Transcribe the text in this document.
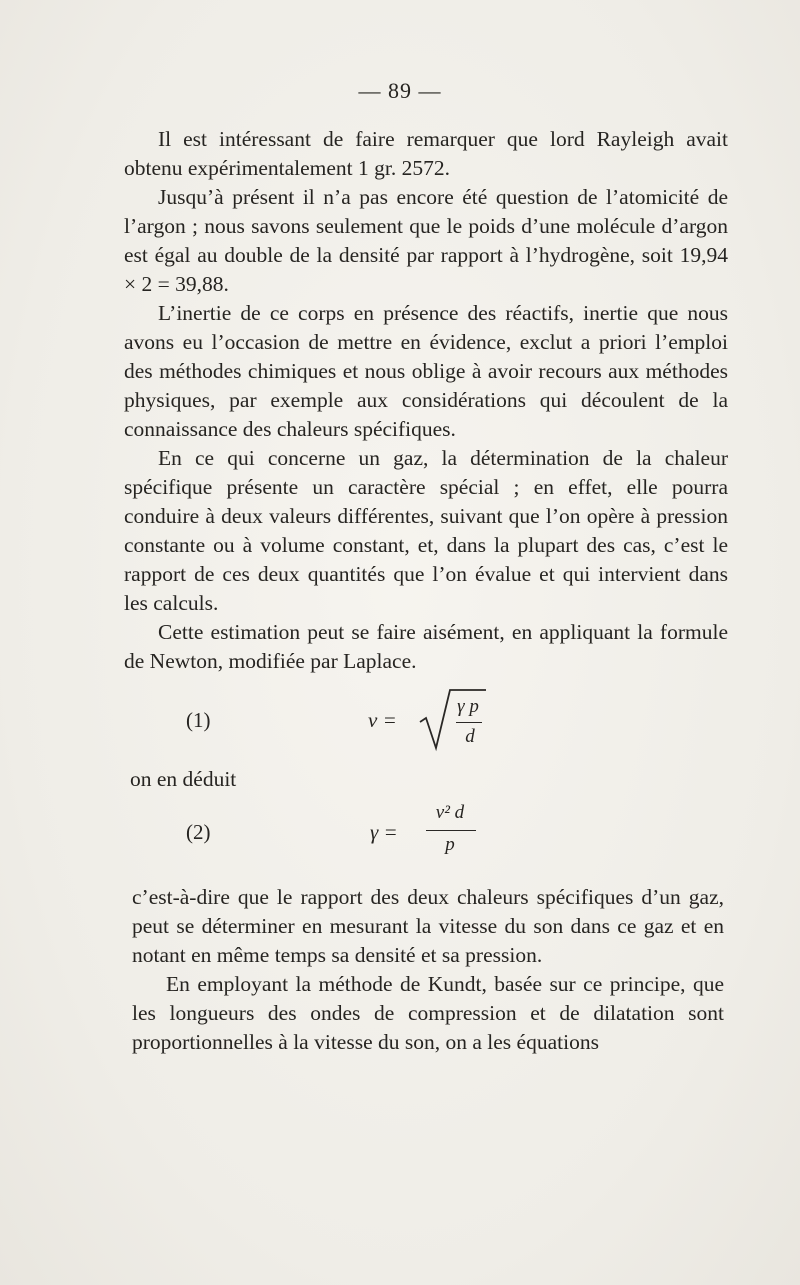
— 89 —

Il est intéressant de faire remarquer que lord Rayleigh avait obtenu expérimentalement 1 gr. 2572.

Jusqu’à présent il n’a pas encore été question de l’atomicité de l’argon ; nous savons seulement que le poids d’une molécule d’argon est égal au double de la densité par rapport à l’hydrogène, soit 19,94 × 2 = 39,88.

L’inertie de ce corps en présence des réactifs, inertie que nous avons eu l’occasion de mettre en évidence, exclut a priori l’emploi des méthodes chimiques et nous oblige à avoir recours aux méthodes physiques, par exemple aux considérations qui découlent de la connaissance des chaleurs spécifiques.

En ce qui concerne un gaz, la détermination de la chaleur spécifique présente un caractère spécial ; en effet, elle pourra conduire à deux valeurs différentes, suivant que l’on opère à pression constante ou à volume constant, et, dans la plupart des cas, c’est le rapport de ces deux quantités que l’on évalue et qui intervient dans les calculs.

Cette estimation peut se faire aisément, en appliquant la formule de Newton, modifiée par Laplace.

(1)	v =
γ p
d

on en déduit

(2)	γ =
v² d
p

c’est-à-dire que le rapport des deux chaleurs spécifiques d’un gaz, peut se déterminer en mesurant la vitesse du son dans ce gaz et en notant en même temps sa densité et sa pression.

En employant la méthode de Kundt, basée sur ce principe, que les longueurs des ondes de compression et de dilatation sont proportionnelles à la vitesse du son, on a les équations
